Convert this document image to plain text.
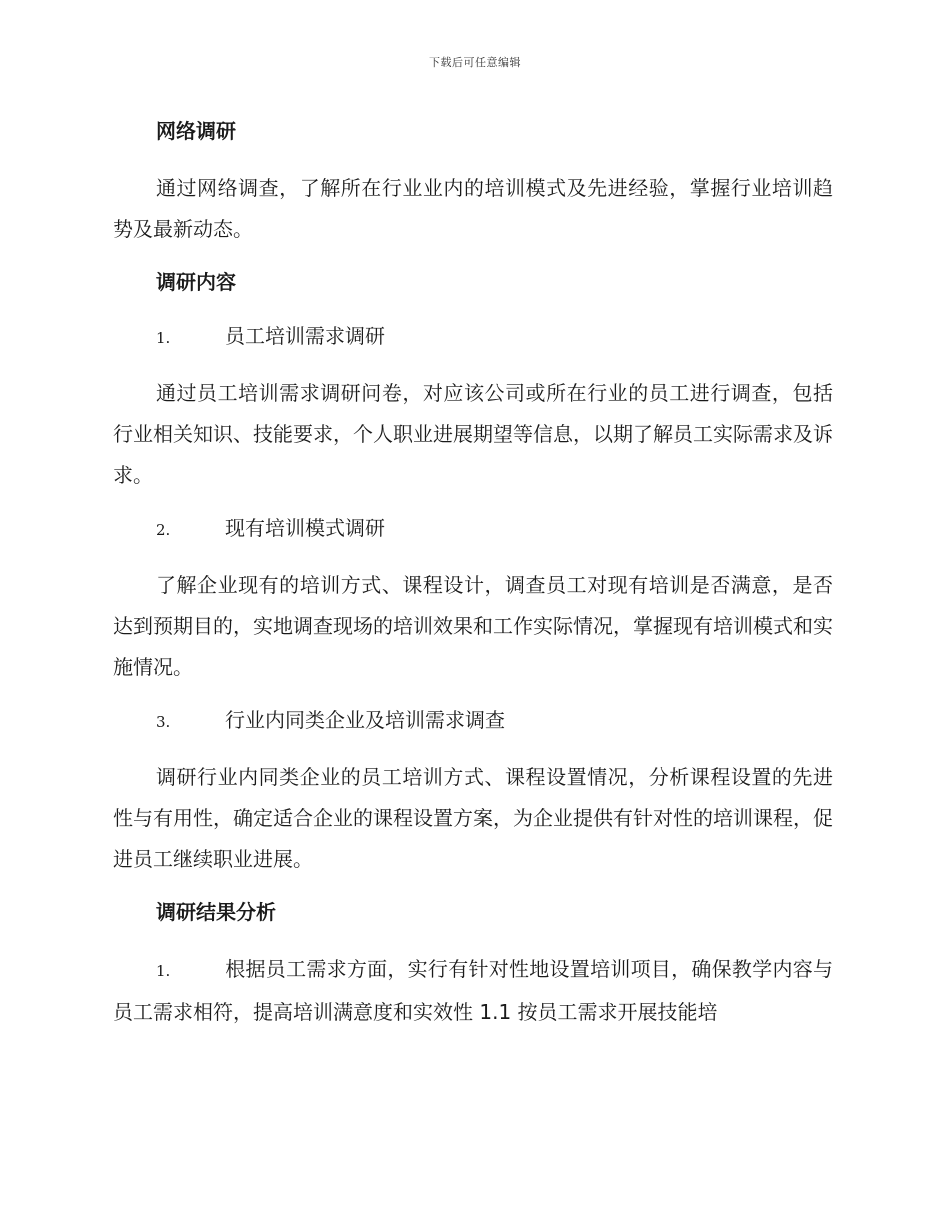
下载后可任意编辑
网络调研

通过网络调查，了解所在行业业内的培训模式及先进经验，掌握行业培训趋势及最新动态。

调研内容
1.	员工培训需求调研

通过员工培训需求调研问卷，对应该公司或所在行业的员工进行调查，包括行业相关知识、技能要求，个人职业进展期望等信息，以期了解员工实际需求及诉求。

2.	现有培训模式调研

了解企业现有的培训方式、课程设计，调查员工对现有培训是否满意，是否达到预期目的，实地调查现场的培训效果和工作实际情况，掌握现有培训模式和实施情况。

3.	行业内同类企业及培训需求调查

调研行业内同类企业的员工培训方式、课程设置情况，分析课程设置的先进性与有用性，确定适合企业的课程设置方案，为企业提供有针对性的培训课程，促进员工继续职业进展。

调研结果分析

1.	根据员工需求方面，实行有针对性地设置培训项目，确保教学内容与员工需求相符，提高培训满意度和实效性 1.1 按员工需求开展技能培
